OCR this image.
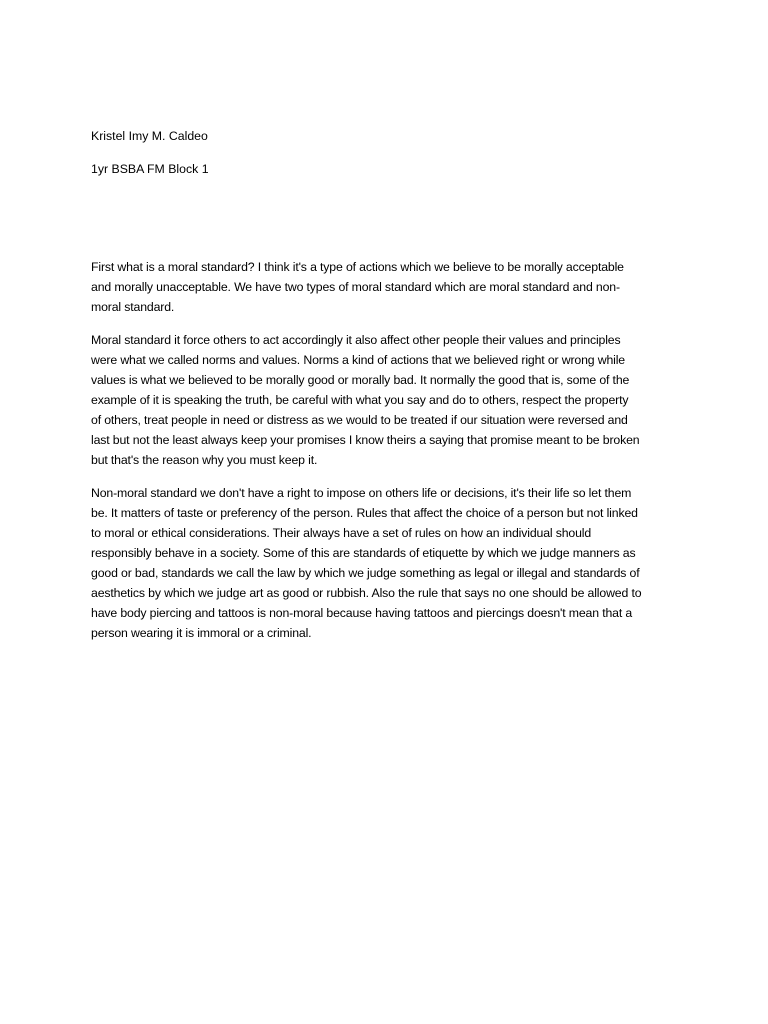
Kristel Imy M. Caldeo
1yr BSBA FM Block 1
First what is a moral standard? I think it's a type of actions which we believe to be morally acceptable
and morally unacceptable. We have two types of moral standard which are moral standard and non-
moral standard.
Moral standard it force others to act accordingly it also affect other people their values and principles
were what we called norms and values. Norms a kind of actions that we believed right or wrong while
values is what we believed to be morally good or morally bad. It normally the good that is, some of the
example of it is speaking the truth, be careful with what you say and do to others, respect the property
of others, treat people in need or distress as we would to be treated if our situation were reversed and
last but not the least always keep your promises I know theirs a saying that promise meant to be broken
but that's the reason why you must keep it.
Non-moral standard we don't have a right to impose on others life or decisions, it's their life so let them
be. It matters of taste or preferency of the person. Rules that affect the choice of a person but not linked
to moral or ethical considerations. Their always have a set of rules on how an individual should
responsibly behave in a society. Some of this are standards of etiquette by which we judge manners as
good or bad, standards we call the law by which we judge something as legal or illegal and standards of
aesthetics by which we judge art as good or rubbish. Also the rule that says no one should be allowed to
have body piercing and tattoos is non-moral because having tattoos and piercings doesn't mean that a
person wearing it is immoral or a criminal.
